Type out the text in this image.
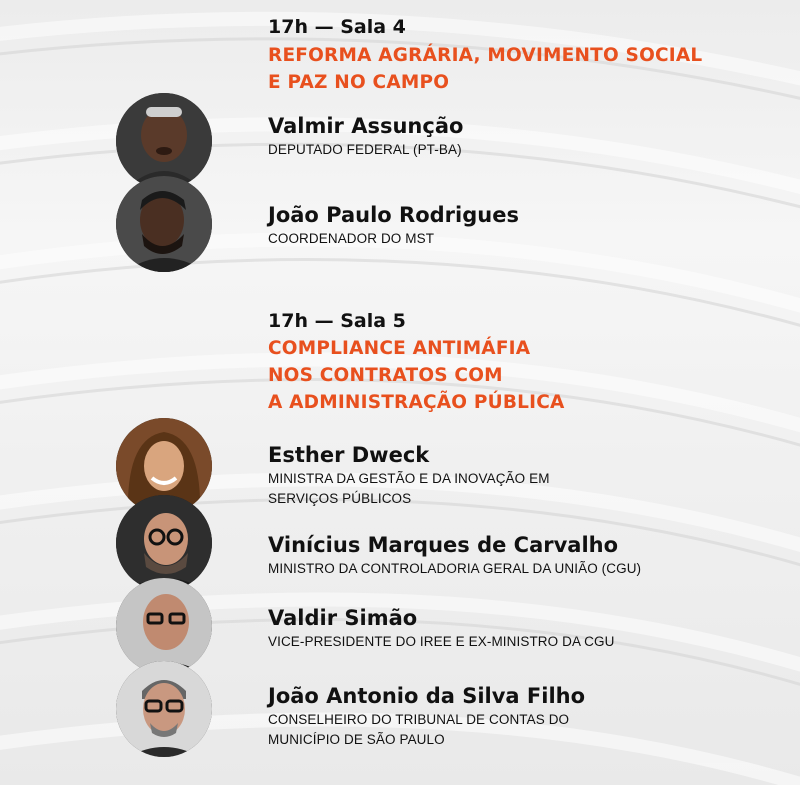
17h — Sala 4
REFORMA AGRÁRIA, MOVIMENTO SOCIAL
E PAZ NO CAMPO
Valmir Assunção
DEPUTADO FEDERAL (PT-BA)
João Paulo Rodrigues
COORDENADOR DO MST
17h — Sala 5
COMPLIANCE ANTIMÁFIA
NOS CONTRATOS COM
A ADMINISTRAÇÃO PÚBLICA
Esther Dweck
MINISTRA DA GESTÃO E DA INOVAÇÃO EM
SERVIÇOS PÚBLICOS
Vinícius Marques de Carvalho
MINISTRO DA CONTROLADORIA GERAL DA UNIÃO (CGU)
Valdir Simão
VICE-PRESIDENTE DO IREE E EX-MINISTRO DA CGU
João Antonio da Silva Filho
CONSELHEIRO DO TRIBUNAL DE CONTAS DO
MUNICÍPIO DE SÃO PAULO
